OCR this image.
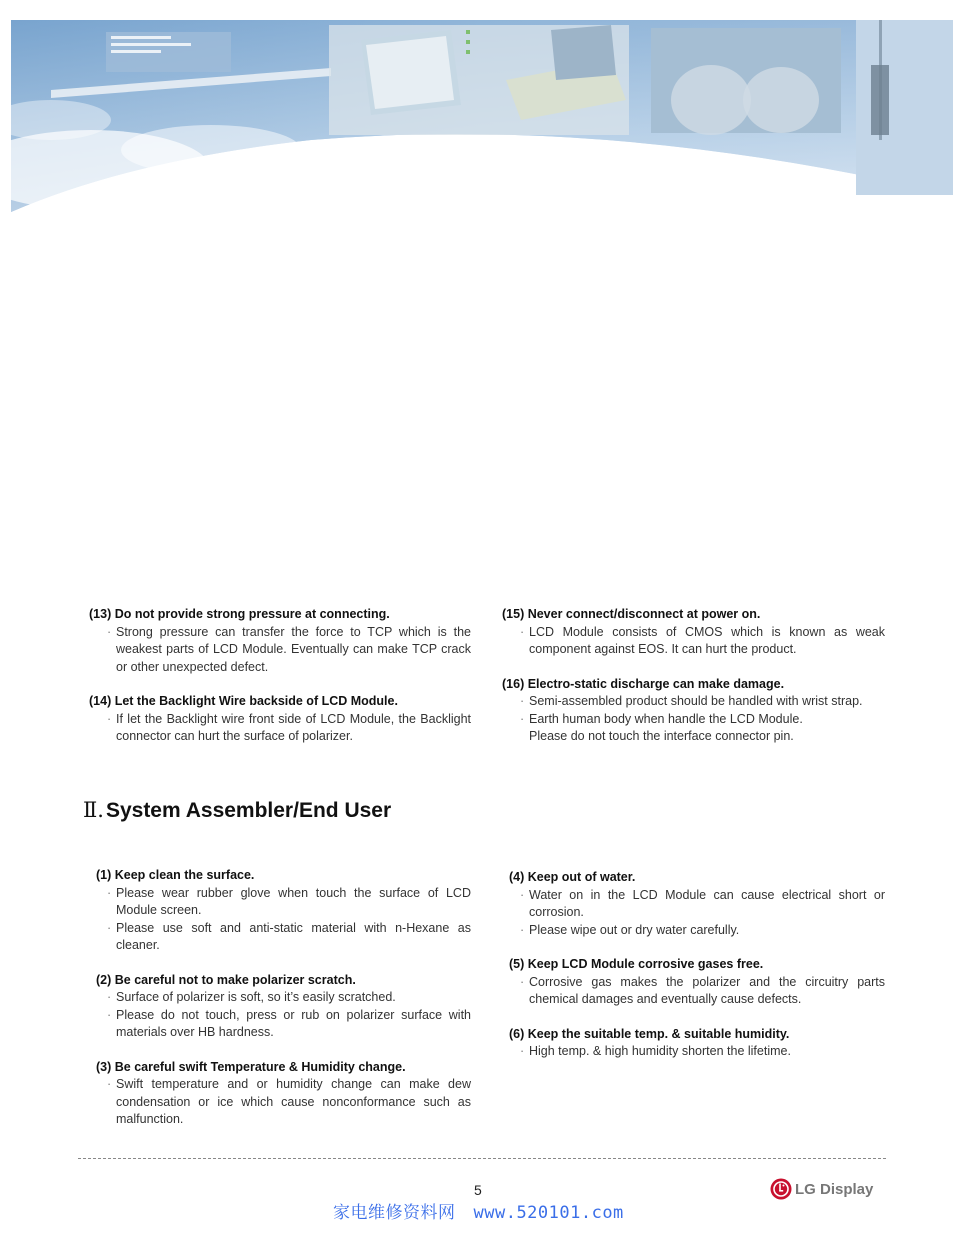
(13) Do not provide strong pressure at connecting.
· Strong pressure can transfer the force to TCP which is the weakest parts of LCD Module. Eventually can make TCP crack or other unexpected defect.
(14) Let the Backlight Wire backside of LCD Module.
· If let the Backlight wire front side of LCD Module, the Backlight connector can hurt the surface of polarizer.
(15) Never connect/disconnect at power on.
· LCD Module consists of CMOS which is known as weak component against EOS. It can hurt the product.
(16) Electro-static discharge can make damage.
· Semi-assembled product should be handled with wrist strap.
· Earth human body when handle the LCD Module.
Please do not touch the interface connector pin.
Ⅱ.System Assembler/End User
(1) Keep clean the surface.
· Please wear rubber glove when touch the surface of LCD Module screen.
· Please use soft and anti-static material with n-Hexane as cleaner.
(2) Be careful not to make polarizer scratch.
· Surface of polarizer is soft, so it’s easily scratched.
· Please do not touch, press or rub on polarizer surface with materials over HB hardness.
(3) Be careful swift Temperature & Humidity change.
· Swift temperature and or humidity change can make dew condensation or ice which cause nonconformance such as malfunction.
(4) Keep out of water.
· Water on in the LCD Module can cause electrical short or corrosion.
· Please wipe out or dry water carefully.
(5) Keep LCD Module corrosive gases free.
· Corrosive gas makes the polarizer and the circuitry parts chemical damages and eventually cause defects.
(6) Keep the suitable temp. & suitable humidity.
· High temp. & high humidity shorten the lifetime.
5
家电维修资料网 www.520101.com
LG Display
